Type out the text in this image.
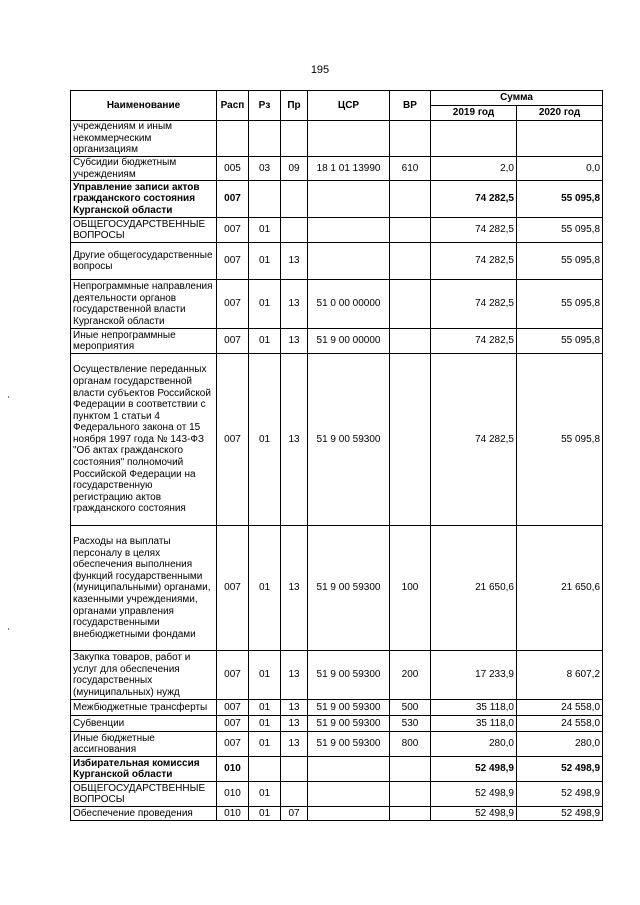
195
Наименование	Расп	Рз	Пр	ЦСР	ВР	Сумма	
						2019 год	2020 год
учреждениям и иным некоммерческим организациям							
Субсидии бюджетным учреждениям	005	03	09	18 1 01 13990	610	2,0	0,0
Управление записи актов гражданского состояния Курганской области	007					74 282,5	55 095,8
ОБЩЕГОСУДАРСТВЕННЫЕ ВОПРОСЫ	007	01				74 282,5	55 095,8
Другие общегосударственные вопросы	007	01	13			74 282,5	55 095,8
Непрограммные направления деятельности органов государственной власти Курганской области	007	01	13	51 0 00 00000		74 282,5	55 095,8
Иные непрограммные мероприятия	007	01	13	51 9 00 00000		74 282,5	55 095,8
Осуществление переданных органам государственной власти субъектов Российской Федерации в соответствии с пунктом 1 статьи 4 Федерального закона от 15 ноября 1997 года № 143-ФЗ "Об актах гражданского состояния" полномочий Российской Федерации на государственную регистрацию актов гражданского состояния	007	01	13	51 9 00 59300		74 282,5	55 095,8
Расходы на выплаты персоналу в целях обеспечения выполнения функций государственными (муниципальными) органами, казенными учреждениями, органами управления государственными внебюджетными фондами	007	01	13	51 9 00 59300	100	21 650,6	21 650,6
Закупка товаров, работ и услуг для обеспечения государственных (муниципальных) нужд	007	01	13	51 9 00 59300	200	17 233,9	8 607,2
Межбюджетные трансферты	007	01	13	51 9 00 59300	500	35 118,0	24 558,0
Субвенции	007	01	13	51 9 00 59300	530	35 118,0	24 558,0
Иные бюджетные ассигнования	007	01	13	51 9 00 59300	800	280,0	280,0
Избирательная комиссия Курганской области	010					52 498,9	52 498,9
ОБЩЕГОСУДАРСТВЕННЫЕ ВОПРОСЫ	010	01				52 498,9	52 498,9
Обеспечение проведения	010	01	07			52 498,9	52 498,9
